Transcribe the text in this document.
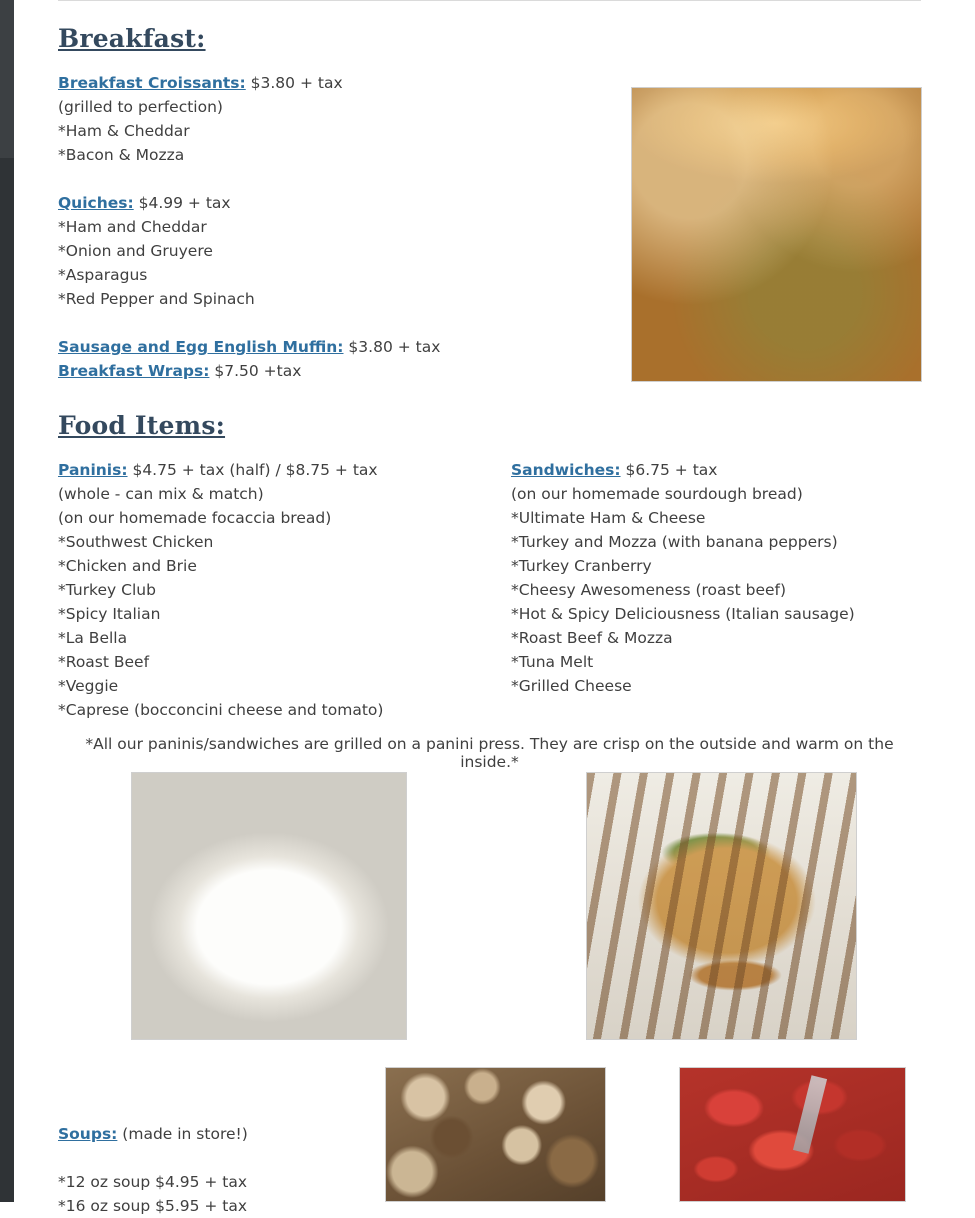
Breakfast:
Breakfast Croissants: $3.80 + tax
(grilled to perfection)
*Ham & Cheddar
*Bacon & Mozza
Quiches: $4.99 + tax
*Ham and Cheddar
*Onion and Gruyere
*Asparagus
*Red Pepper and Spinach
Sausage and Egg English Muffin: $3.80 + tax
Breakfast Wraps: $7.50 +tax
Food Items:
Paninis: $4.75 + tax (half) / $8.75 + tax
(whole - can mix & match)
(on our homemade focaccia bread)
*Southwest Chicken
*Chicken and Brie
*Turkey Club
*Spicy Italian
*La Bella
*Roast Beef
*Veggie
*Caprese (bocconcini cheese and tomato)
Sandwiches: $6.75 + tax
(on our homemade sourdough bread)
*Ultimate Ham & Cheese
*Turkey and Mozza (with banana peppers)
*Turkey Cranberry
*Cheesy Awesomeness (roast beef)
*Hot & Spicy Deliciousness (Italian sausage)
*Roast Beef & Mozza
*Tuna Melt
*Grilled Cheese
*All our paninis/sandwiches are grilled on a panini press. They are crisp on the outside and warm on the inside.*
Soups: (made in store!)
*12 oz soup $4.95 + tax
*16 oz soup $5.95 + tax
